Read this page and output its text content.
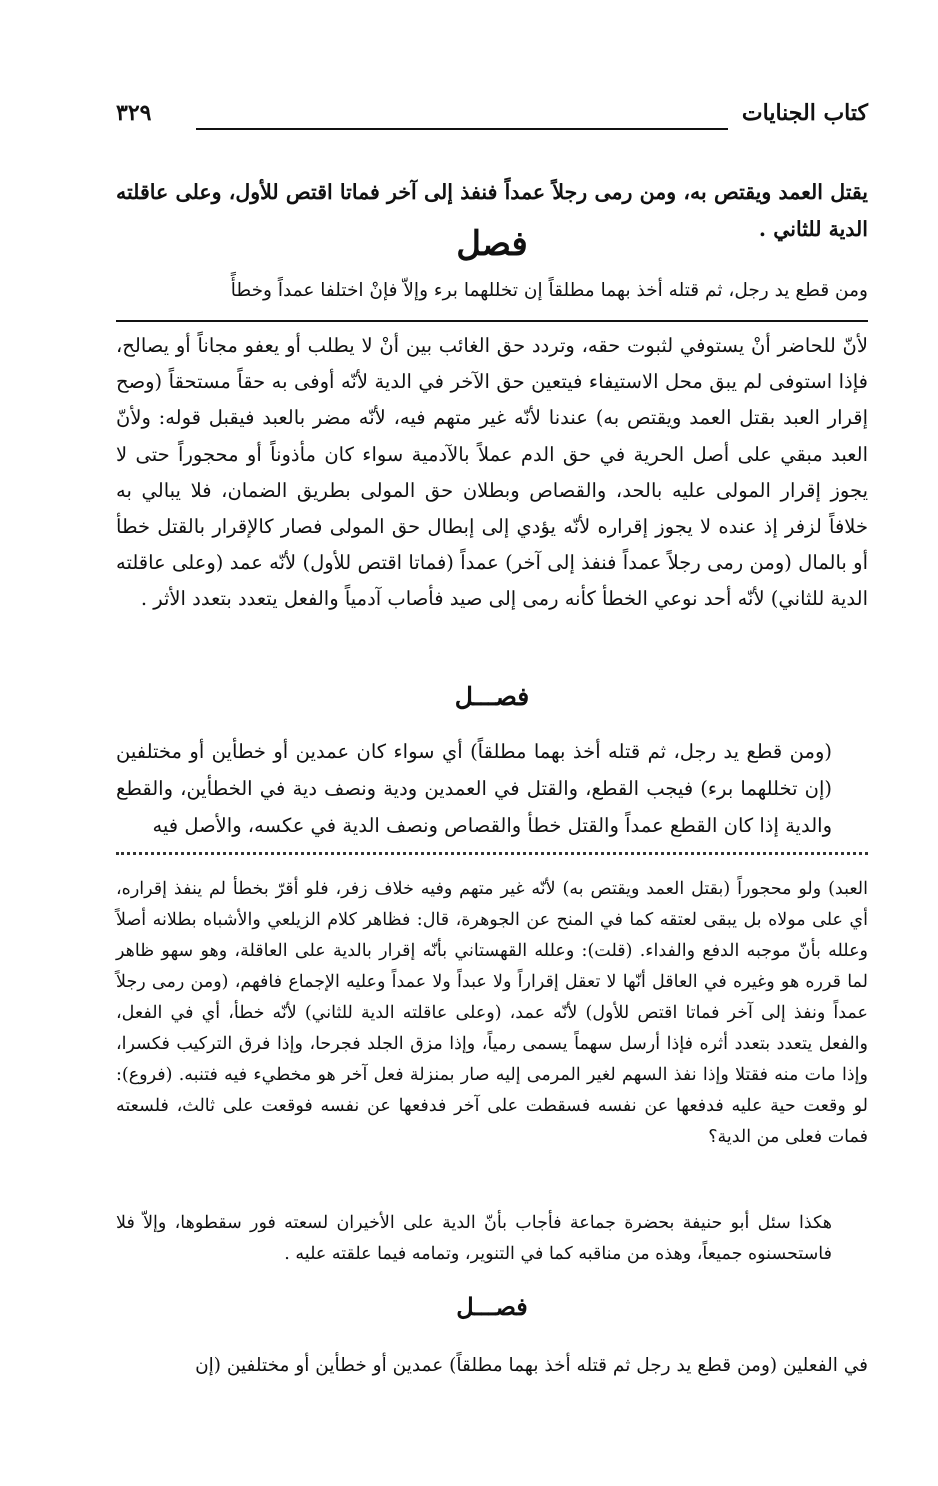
كتاب الجنايات
٣٢٩
يقتل العمد ويقتص به، ومن رمى رجلاً عمداً فنفذ إلى آخر فماتا اقتص للأول، وعلى عاقلته الدية للثاني .
فصل
ومن قطع يد رجل، ثم قتله أخذ بهما مطلقاً إن تخللهما برء وإلاّ فإنْ اختلفا عمداً وخطأً
لأنّ للحاضر أنْ يستوفي لثبوت حقه، وتردد حق الغائب بين أنْ لا يطلب أو يعفو مجاناً أو يصالح، فإذا استوفى لم يبق محل الاستيفاء فيتعين حق الآخر في الدية لأنّه أوفى به حقاً مستحقاً (وصح إقرار العبد بقتل العمد ويقتص به) عندنا لأنّه غير متهم فيه، لأنّه مضر بالعبد فيقبل قوله: ولأنّ العبد مبقي على أصل الحرية في حق الدم عملاً بالآدمية سواء كان مأذوناً أو محجوراً حتى لا يجوز إقرار المولى عليه بالحد، والقصاص وبطلان حق المولى بطريق الضمان، فلا يبالي به خلافاً لزفر إذ عنده لا يجوز إقراره لأنّه يؤدي إلى إبطال حق المولى فصار كالإقرار بالقتل خطأ أو بالمال (ومن رمى رجلاً عمداً فنفذ إلى آخر) عمداً (فماتا اقتص للأول) لأنّه عمد (وعلى عاقلته الدية للثاني) لأنّه أحد نوعي الخطأ كأنه رمى إلى صيد فأصاب آدمياً والفعل يتعدد بتعدد الأثر .
فصـــل
(ومن قطع يد رجل، ثم قتله أخذ بهما مطلقاً) أي سواء كان عمدين أو خطأين أو مختلفين (إن تخللهما برء) فيجب القطع، والقتل في العمدين ودية ونصف دية في الخطأين، والقطع والدية إذا كان القطع عمداً والقتل خطأ والقصاص ونصف الدية في عكسه، والأصل فيه
العبد) ولو محجوراً (بقتل العمد ويقتص به) لأنّه غير متهم وفيه خلاف زفر، فلو أقرّ بخطأ لم ينفذ إقراره، أي على مولاه بل يبقى لعتقه كما في المنح عن الجوهرة، قال: فظاهر كلام الزيلعي والأشباه بطلانه أصلاً وعلله بأنّ موجبه الدفع والفداء. (قلت): وعلله القهستاني بأنّه إقرار بالدية على العاقلة، وهو سهو ظاهر لما قرره هو وغيره في العاقل أنّها لا تعقل إقراراً ولا عبداً ولا عمداً وعليه الإجماع فافهم، (ومن رمى رجلاً عمداً ونفذ إلى آخر فماتا اقتص للأول) لأنّه عمد، (وعلى عاقلته الدية للثاني) لأنّه خطأ، أي في الفعل، والفعل يتعدد بتعدد أثره فإذا أرسل سهماً يسمى رمياً، وإذا مزق الجلد فجرحا، وإذا فرق التركيب فكسرا، وإذا مات منه فقتلا وإذا نفذ السهم لغير المرمى إليه صار بمنزلة فعل آخر هو مخطيء فيه فتنبه. (فروع): لو وقعت حية عليه فدفعها عن نفسه فسقطت على آخر فدفعها عن نفسه فوقعت على ثالث، فلسعته فمات فعلى من الدية؟
هكذا سئل أبو حنيفة بحضرة جماعة فأجاب بأنّ الدية على الأخيران لسعته فور سقطوها، وإلاّ فلا فاستحسنوه جميعاً، وهذه من مناقبه كما في التنوير، وتمامه فيما علقته عليه .
فصـــل
في الفعلين (ومن قطع يد رجل ثم قتله أخذ بهما مطلقاً) عمدين أو خطأين أو مختلفين (إن
